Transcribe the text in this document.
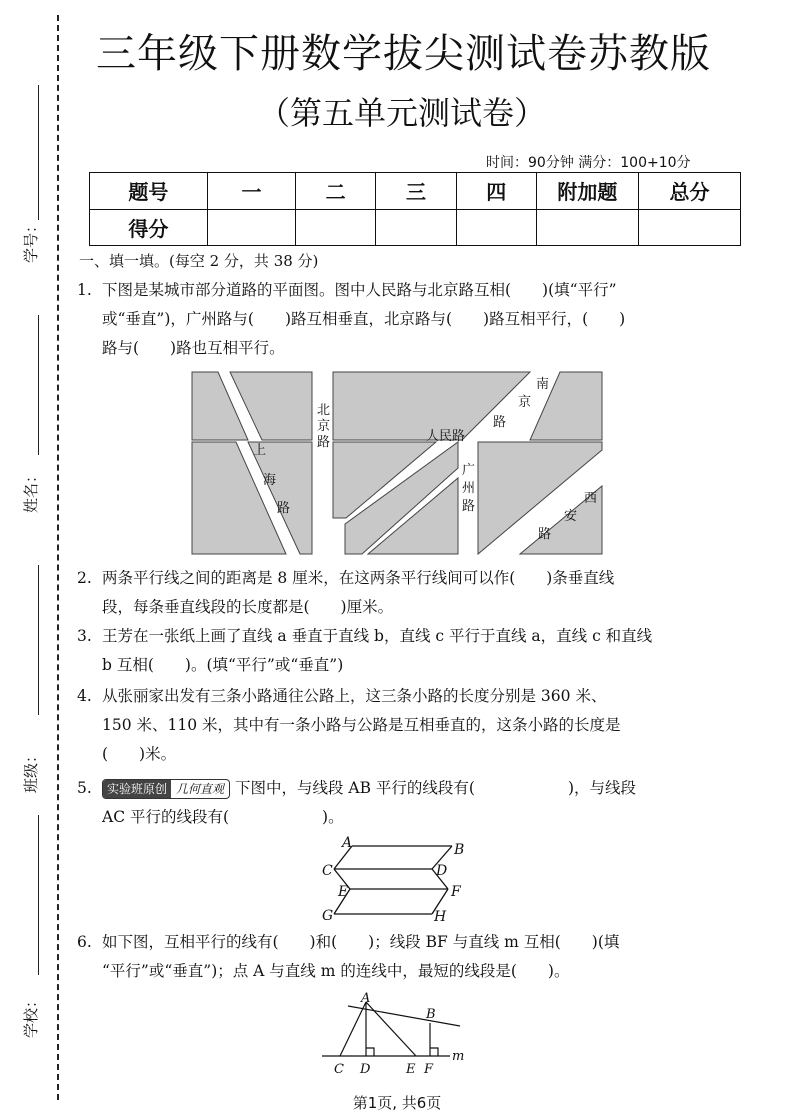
学号：
姓名：
班级：
学校：
三年级下册数学拔尖测试卷苏教版
（第五单元测试卷）
时间：90分钟 满分：100+10分
题号	一	二	三	四	附加题	总分
得分						
一、填一填。(每空 2 分，共 38 分)
1. 下图是某城市部分道路的平面图。图中人民路与北京路互相(　　)(填“平行”
或“垂直”)，广州路与(　　)路互相垂直，北京路与(　　)路互相平行，(　　)
路与(　　)路也互相平行。
北
京
路	人民路
南
京
路
上
海
路
广
州
路
西
安
路
2. 两条平行线之间的距离是 8 厘米，在这两条平行线间可以作(　　)条垂直线
段，每条垂直线段的长度都是(　　)厘米。
3. 王芳在一张纸上画了直线 a 垂直于直线 b，直线 c 平行于直线 a，直线 c 和直线
b 互相(　　)。(填“平行”或“垂直”)
4. 从张丽家出发有三条小路通往公路上，这三条小路的长度分别是 360 米、
150 米、110 米，其中有一条小路与公路是互相垂直的，这条小路的长度是
(　　)米。
5. 实验班原创 几何直观 下图中，与线段 AB 平行的线段有(　　　　　　)，与线段
AC 平行的线段有(　　　　　　)。
A	B
C	D
E	F
G	H
6. 如下图，互相平行的线有(　　)和(　　)；线段 BF 与直线 m 互相(　　)(填
“平行”或“垂直”)；点 A 与直线 m 的连线中，最短的线段是(　　)。
A
B
C D	E F
m
第1页, 共6页
